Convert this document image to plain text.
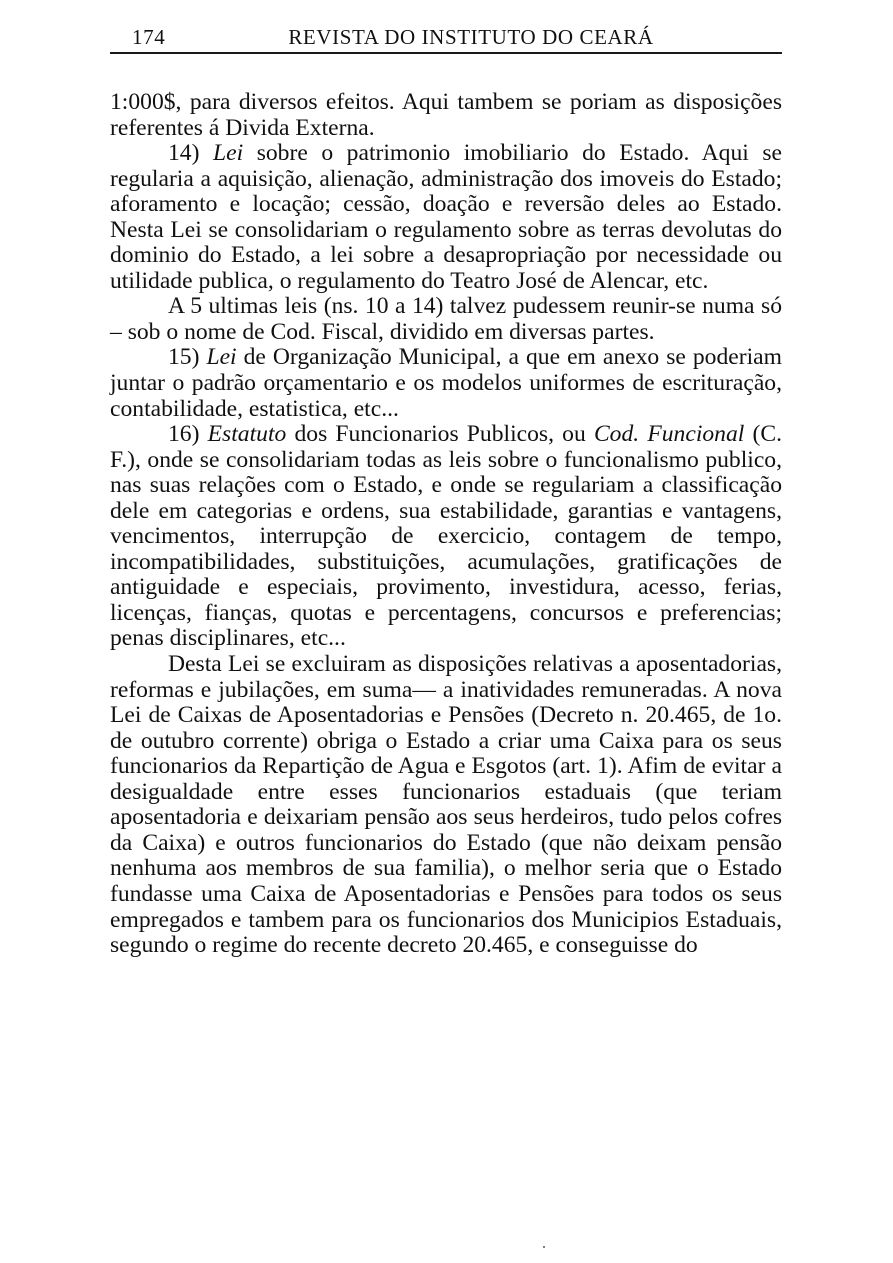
174	REVISTA DO INSTITUTO DO CEARÁ

1:000$, para diversos efeitos. Aqui tambem se poriam as disposições referentes á Divida Externa.

14) Lei sobre o patrimonio imobiliario do Estado. Aqui se regularia a aquisição, alienação, administração dos imoveis do Estado; aforamento e locação; cessão, doação e reversão deles ao Estado. Nesta Lei se consolidariam o regulamento sobre as terras devolutas do dominio do Estado, a lei sobre a desapropriação por necessidade ou utilidade publica, o regulamento do Teatro José de Alencar, etc.

A 5 ultimas leis (ns. 10 a 14) talvez pudessem reunir-se numa só – sob o nome de Cod. Fiscal, dividido em diversas partes.

15) Lei de Organização Municipal, a que em anexo se poderiam juntar o padrão orçamentario e os modelos uniformes de escrituração, contabilidade, estatistica, etc...

16) Estatuto dos Funcionarios Publicos, ou Cod. Funcional (C. F.), onde se consolidariam todas as leis sobre o funcionalismo publico, nas suas relações com o Estado, e onde se regulariam a classificação dele em categorias e ordens, sua estabilidade, garantias e vantagens, vencimentos, interrupção de exercicio, contagem de tempo, incompatibilidades, substituições, acumulações, gratificações de antiguidade e especiais, provimento, investidura, acesso, ferias, licenças, fianças, quotas e percentagens, concursos e preferencias; penas disciplinares, etc...

Desta Lei se excluiram as disposições relativas a aposentadorias, reformas e jubilações, em suma— a inatividades remuneradas. A nova Lei de Caixas de Aposentadorias e Pensões (Decreto n. 20.465, de 1o. de outubro corrente) obriga o Estado a criar uma Caixa para os seus funcionarios da Repartição de Agua e Esgotos (art. 1). Afim de evitar a desigualdade entre esses funcionarios estaduais (que teriam aposentadoria e deixariam pensão aos seus herdeiros, tudo pelos cofres da Caixa) e outros funcionarios do Estado (que não deixam pensão nenhuma aos membros de sua familia), o melhor seria que o Estado fundasse uma Caixa de Aposentadorias e Pensões para todos os seus empregados e tambem para os funcionarios dos Municipios Estaduais, segundo o regime do recente decreto 20.465, e conseguisse do
